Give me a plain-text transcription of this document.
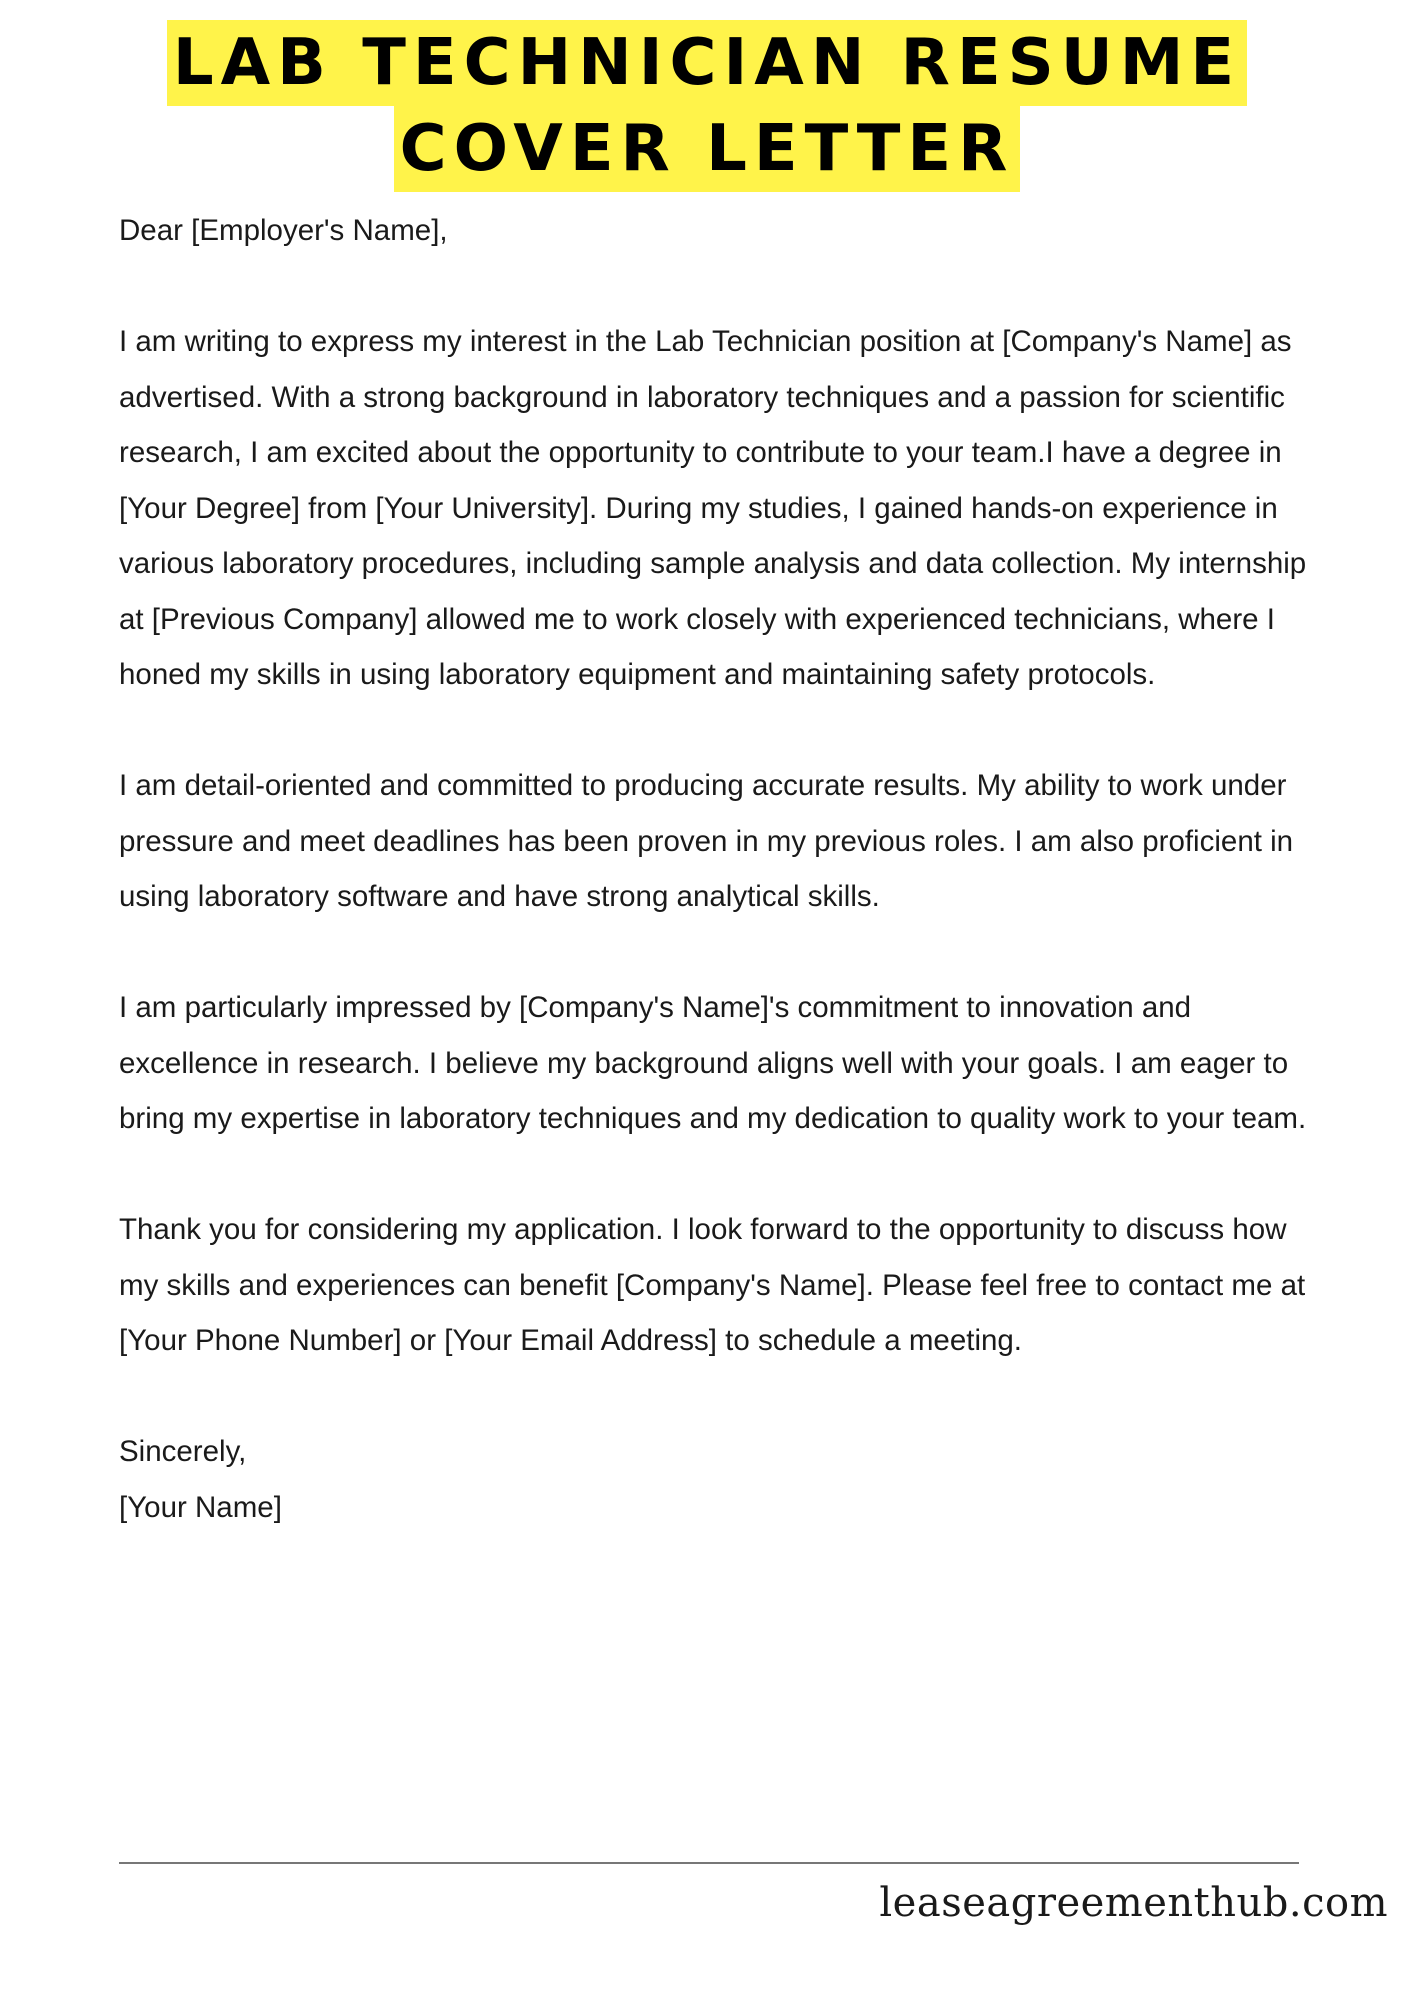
LAB TECHNICIAN RESUME
COVER LETTER

Dear [Employer's Name],

I am writing to express my interest in the Lab Technician position at [Company's Name] as advertised. With a strong background in laboratory techniques and a passion for scientific research, I am excited about the opportunity to contribute to your team.I have a degree in [Your Degree] from [Your University]. During my studies, I gained hands-on experience in various laboratory procedures, including sample analysis and data collection. My internship at [Previous Company] allowed me to work closely with experienced technicians, where I honed my skills in using laboratory equipment and maintaining safety protocols.

I am detail-oriented and committed to producing accurate results. My ability to work under pressure and meet deadlines has been proven in my previous roles. I am also proficient in using laboratory software and have strong analytical skills.

I am particularly impressed by [Company's Name]'s commitment to innovation and excellence in research. I believe my background aligns well with your goals. I am eager to bring my expertise in laboratory techniques and my dedication to quality work to your team.

Thank you for considering my application. I look forward to the opportunity to discuss how my skills and experiences can benefit [Company's Name]. Please feel free to contact me at [Your Phone Number] or [Your Email Address] to schedule a meeting.

Sincerely,

[Your Name]

leaseagreementhub.com
